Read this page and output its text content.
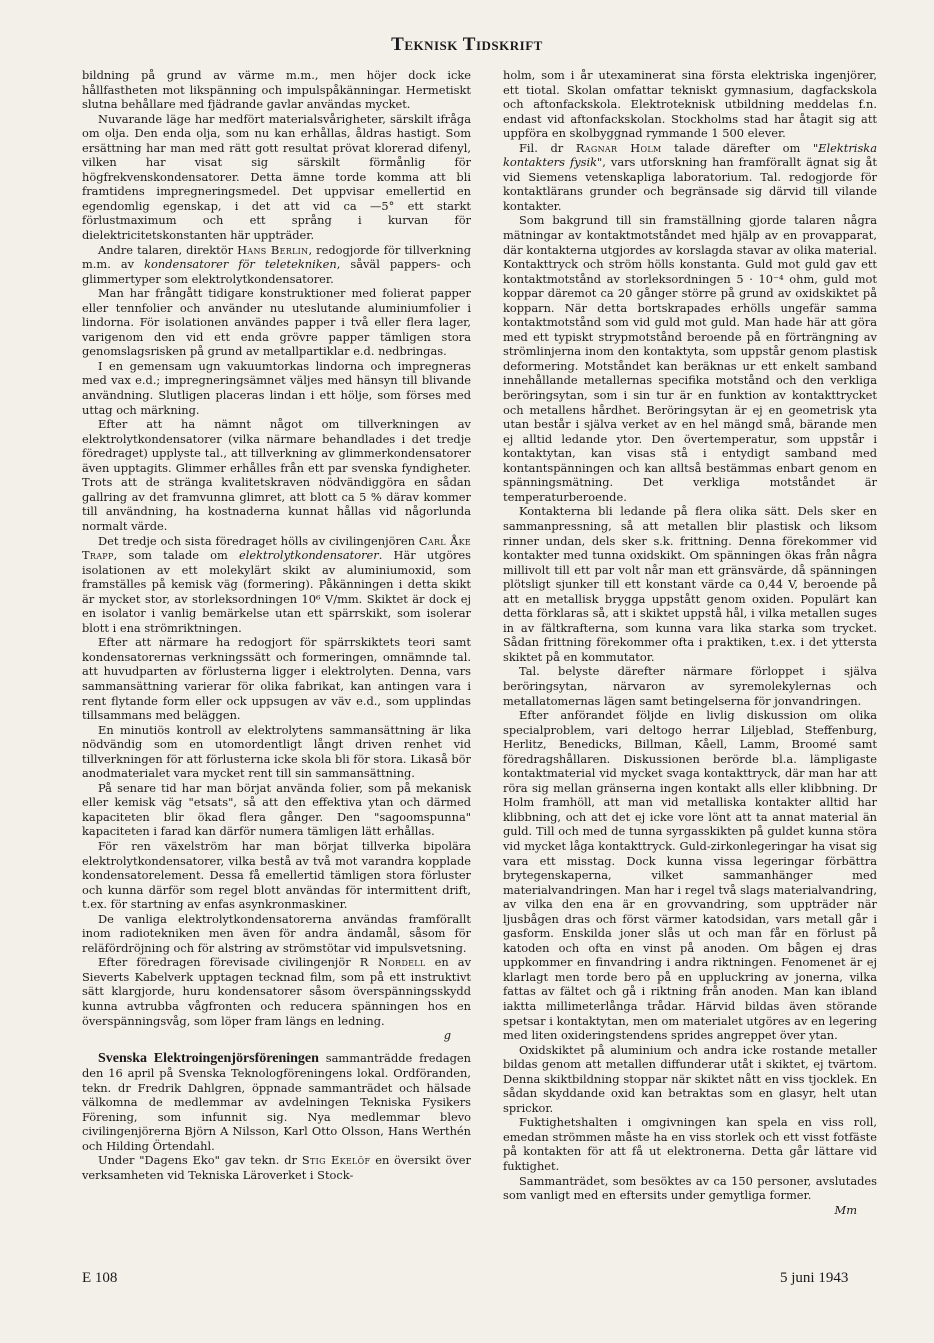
Teknisk Tidskrift

bildning på grund av värme m.m., men höjer dock icke hållfastheten mot likspänning och impulspåkänningar. Hermetiskt slutna behållare med fjädrande gavlar användas mycket.

Nuvarande läge har medfört materialsvårigheter, särskilt ifråga om olja. Den enda olja, som nu kan erhållas, åldras hastigt. Som ersättning har man med rätt gott resultat prövat klorerad difenyl, vilken har visat sig särskilt förmånlig för högfrekvenskondensatorer. Detta ämne torde komma att bli framtidens impregneringsmedel. Det uppvisar emellertid en egendomlig egenskap, i det att vid ca —5° ett starkt förlustmaximum och ett språng i kurvan för dielektricitetskonstanten här uppträder.

Andre talaren, direktör Hans Berlin, redogjorde för tillverkning m.m. av kondensatorer för teletekniken, såväl pappers- och glimmertyper som elektrolytkondensatorer.

Man har frångått tidigare konstruktioner med folierat papper eller tennfolier och använder nu uteslutande aluminiumfolier i lindorna. För isolationen användes papper i två eller flera lager, varigenom den vid ett enda grövre papper tämligen stora genomslagsrisken på grund av metallpartiklar e.d. nedbringas.

I en gemensam ugn vakuumtorkas lindorna och impregneras med vax e.d.; impregneringsämnet väljes med hänsyn till blivande användning. Slutligen placeras lindan i ett hölje, som förses med uttag och märkning.

Efter att ha nämnt något om tillverkningen av elektrolytkondensatorer (vilka närmare behandlades i det tredje föredraget) upplyste tal., att tillverkning av glimmerkondensatorer även upptagits. Glimmer erhålles från ett par svenska fyndigheter. Trots att de stränga kvalitetskraven nödvändiggöra en sådan gallring av det framvunna glimret, att blott ca 5 % därav kommer till användning, ha kostnaderna kunnat hållas vid någorlunda normalt värde.

Det tredje och sista föredraget hölls av civilingenjören Carl Åke Trapp, som talade om elektrolytkondensatorer. Här utgöres isolationen av ett molekylärt skikt av aluminiumoxid, som framställes på kemisk väg (formering). Påkänningen i detta skikt är mycket stor, av storleksordningen 10⁶ V/mm. Skiktet är dock ej en isolator i vanlig bemärkelse utan ett spärrskikt, som isolerar blott i ena strömriktningen.

Efter att närmare ha redogjort för spärrskiktets teori samt kondensatorernas verkningssätt och formeringen, omnämnde tal. att huvudparten av förlusterna ligger i elektrolyten. Denna, vars sammansättning varierar för olika fabrikat, kan antingen vara i rent flytande form eller ock uppsugen av väv e.d., som upplindas tillsammans med beläggen.

En minutiös kontroll av elektrolytens sammansättning är lika nödvändig som en utomordentligt långt driven renhet vid tillverkningen för att förlusterna icke skola bli för stora. Likaså bör anodmaterialet vara mycket rent till sin sammansättning.

På senare tid har man börjat använda folier, som på mekanisk eller kemisk väg "etsats", så att den effektiva ytan och därmed kapaciteten blir ökad flera gånger. Den "sagoomspunna" kapaciteten i farad kan därför numera tämligen lätt erhållas.

För ren växelström har man börjat tillverka bipolära elektrolytkondensatorer, vilka bestå av två mot varandra kopplade kondensatorelement. Dessa få emellertid tämligen stora förluster och kunna därför som regel blott användas för intermittent drift, t.ex. för startning av enfas asynkronmaskiner.

De vanliga elektrolytkondensatorerna användas framförallt inom radiotekniken men även för andra ändamål, såsom för reläfördröjning och för alstring av strömstötar vid impulsvetsning.

Efter föredragen förevisade civilingenjör R Nordell en av Sieverts Kabelverk upptagen tecknad film, som på ett instruktivt sätt klargjorde, huru kondensatorer såsom överspänningsskydd kunna avtrubba vågfronten och reducera spänningen hos en överspänningsvåg, som löper fram längs en ledning.

g

Svenska Elektroingenjörsföreningen sammanträdde fredagen den 16 april på Svenska Teknologföreningens lokal. Ordföranden, tekn. dr Fredrik Dahlgren, öppnade sammanträdet och hälsade välkomna de medlemmar av avdelningen Tekniska Fysikers Förening, som infunnit sig. Nya medlemmar blevo civilingenjörerna Björn A Nilsson, Karl Otto Olsson, Hans Werthén och Hilding Örtendahl.

Under "Dagens Eko" gav tekn. dr Stig Ekelöf en översikt över verksamheten vid Tekniska Läroverket i Stock-

holm, som i år utexaminerat sina första elektriska ingenjörer, ett tiotal. Skolan omfattar tekniskt gymnasium, dagfackskola och aftonfackskola. Elektroteknisk utbildning meddelas f.n. endast vid aftonfackskolan. Stockholms stad har åtagit sig att uppföra en skolbyggnad rymmande 1 500 elever.

Fil. dr Ragnar Holm talade därefter om "Elektriska kontakters fysik", vars utforskning han framförallt ägnat sig åt vid Siemens vetenskapliga laboratorium. Tal. redogjorde för kontaktlärans grunder och begränsade sig därvid till vilande kontakter.

Som bakgrund till sin framställning gjorde talaren några mätningar av kontaktmotståndet med hjälp av en provapparat, där kontakterna utgjordes av korslagda stavar av olika material. Kontakttryck och ström hölls konstanta. Guld mot guld gav ett kontaktmotstånd av storleksordningen 5 · 10⁻⁴ ohm, guld mot koppar däremot ca 20 gånger större på grund av oxidskiktet på kopparn. När detta bortskrapades erhölls ungefär samma kontaktmotstånd som vid guld mot guld. Man hade här att göra med ett typiskt strypmotstånd beroende på en förträngning av strömlinjerna inom den kontaktyta, som uppstår genom plastisk deformering. Motståndet kan beräknas ur ett enkelt samband innehållande metallernas specifika motstånd och den verkliga beröringsytan, som i sin tur är en funktion av kontakttrycket och metallens hårdhet. Beröringsytan är ej en geometrisk yta utan består i själva verket av en hel mängd små, bärande men ej alltid ledande ytor. Den övertemperatur, som uppstår i kontaktytan, kan visas stå i entydigt samband med kontantspänningen och kan alltså bestämmas enbart genom en spänningsmätning. Det verkliga motståndet är temperaturberoende.

Kontakterna bli ledande på flera olika sätt. Dels sker en sammanpressning, så att metallen blir plastisk och liksom rinner undan, dels sker s.k. frittning. Denna förekommer vid kontakter med tunna oxidskikt. Om spänningen ökas från några millivolt till ett par volt når man ett gränsvärde, då spänningen plötsligt sjunker till ett konstant värde ca 0,44 V, beroende på att en metallisk brygga uppstått genom oxiden. Populärt kan detta förklaras så, att i skiktet uppstå hål, i vilka metallen suges in av fältkrafterna, som kunna vara lika starka som trycket. Sådan frittning förekommer ofta i praktiken, t.ex. i det yttersta skiktet på en kommutator.

Tal. belyste därefter närmare förloppet i själva beröringsytan, närvaron av syremolekylernas och metallatomernas lägen samt betingelserna för jonvandringen.

Efter anförandet följde en livlig diskussion om olika specialproblem, vari deltogo herrar Liljeblad, Steffenburg, Herlitz, Benedicks, Billman, Kåell, Lamm, Broomé samt föredragshållaren. Diskussionen berörde bl.a. lämpligaste kontaktmaterial vid mycket svaga kontakttryck, där man har att röra sig mellan gränserna ingen kontakt alls eller klibbning. Dr Holm framhöll, att man vid metalliska kontakter alltid har klibbning, och att det ej icke vore lönt att ta annat material än guld. Till och med de tunna syrgasskikten på guldet kunna störa vid mycket låga kontakttryck. Guld-zirkonlegeringar ha visat sig vara ett misstag. Dock kunna vissa legeringar förbättra brytegenskaperna, vilket sammanhänger med materialvandringen. Man har i regel två slags materialvandring, av vilka den ena är en grovvandring, som uppträder när ljusbågen dras och först värmer katodsidan, vars metall går i gasform. Enskilda joner slås ut och man får en förlust på katoden och ofta en vinst på anoden. Om bågen ej dras uppkommer en finvandring i andra riktningen. Fenomenet är ej klarlagt men torde bero på en uppluckring av jonerna, vilka fattas av fältet och gå i riktning från anoden. Man kan ibland iaktta millimeterlånga trådar. Härvid bildas även störande spetsar i kontaktytan, men om materialet utgöres av en legering med liten oxideringstendens sprides angreppet över ytan.

Oxidskiktet på aluminium och andra icke rostande metaller bildas genom att metallen diffunderar utåt i skiktet, ej tvärtom. Denna skiktbildning stoppar när skiktet nått en viss tjocklek. En sådan skyddande oxid kan betraktas som en glasyr, helt utan sprickor.

Fuktighetshalten i omgivningen kan spela en viss roll, emedan strömmen måste ha en viss storlek och ett visst fotfäste på kontakten för att få ut elektronerna. Detta går lättare vid fuktighet.

Sammanträdet, som besöktes av ca 150 personer, avslutades som vanligt med en eftersits under gemytliga former.

Mm
E 108	5 juni 1943
